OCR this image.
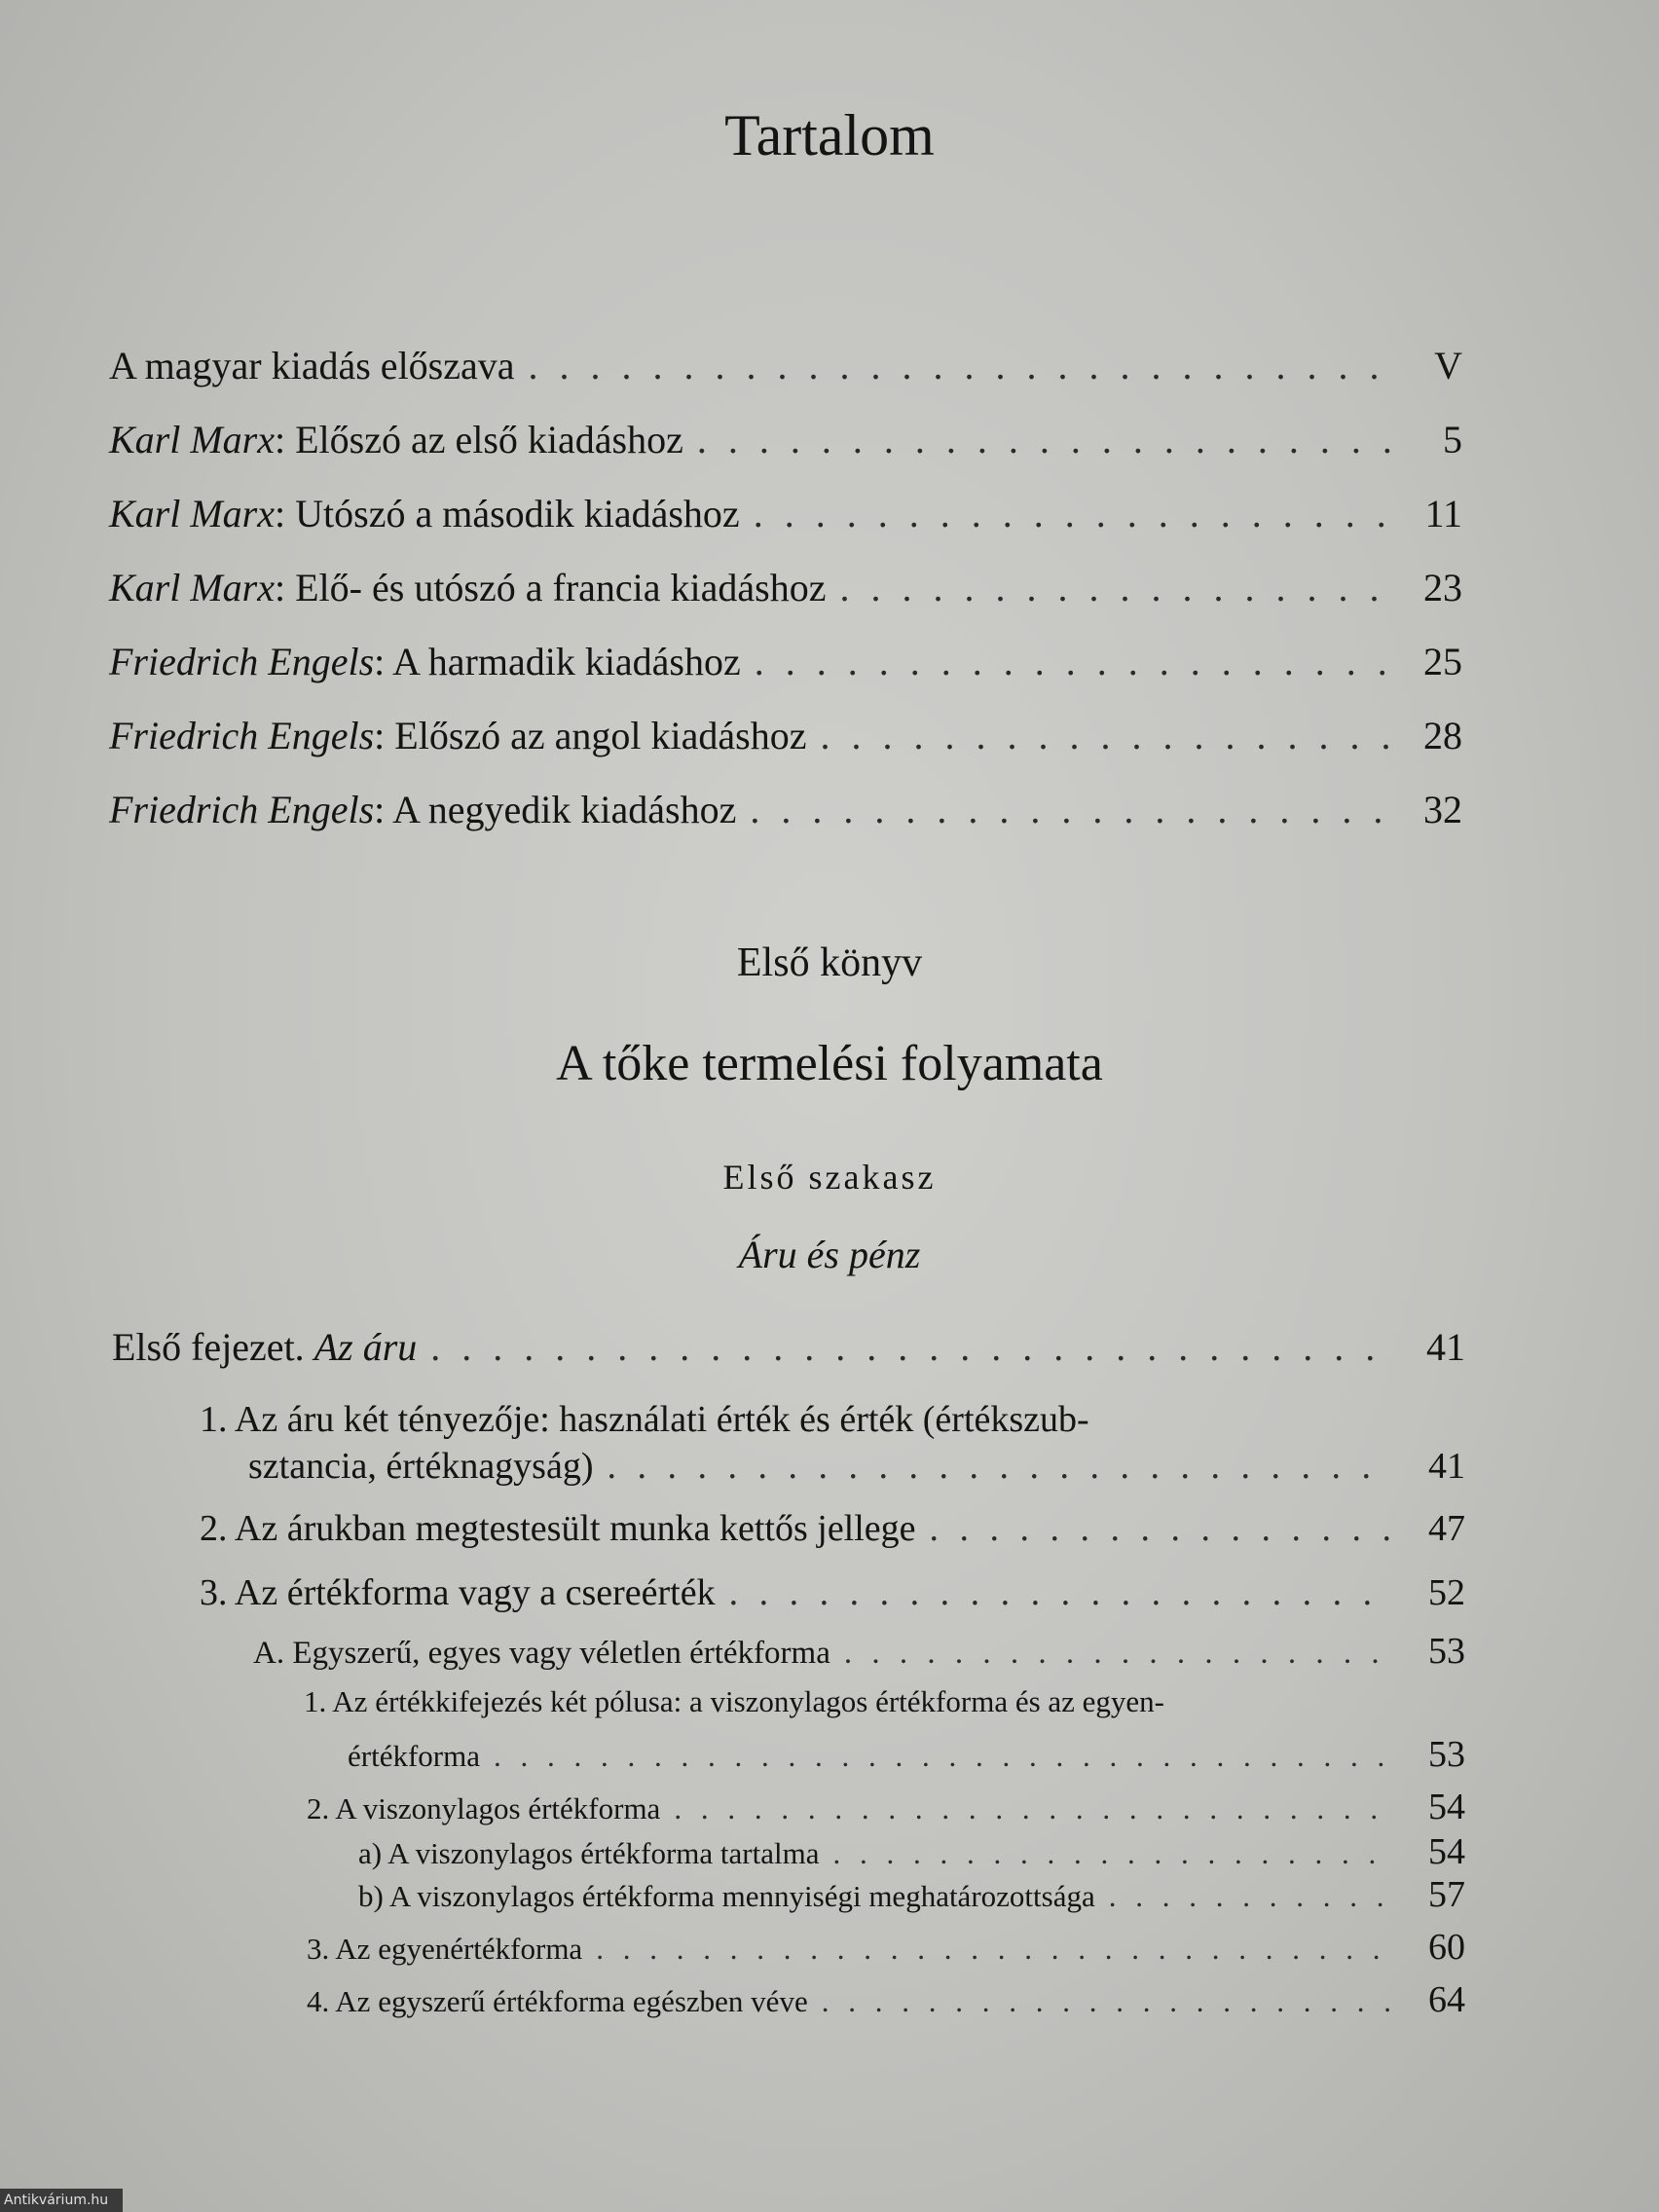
Tartalom
A magyar kiadás előszava . . .	V
Karl Marx: Előszó az első kiadáshoz . . .	5
Karl Marx: Utószó a második kiadáshoz . . .	11
Karl Marx: Elő- és utószó a francia kiadáshoz . . .	23
Friedrich Engels: A harmadik kiadáshoz . . .	25
Friedrich Engels: Előszó az angol kiadáshoz . . .	28
Friedrich Engels: A negyedik kiadáshoz . . .	32
Első könyv
A tőke termelési folyamata
Első szakasz
Áru és pénz
Első fejezet. Az áru . . .	41
1. Az áru két tényezője: használati érték és érték (értékszub-
sztancia, értéknagyság) . . .	41
2. Az árukban megtestesült munka kettős jellege . . .	47
3. Az értékforma vagy a csereérték . . .	52
A. Egyszerű, egyes vagy véletlen értékforma . . .	53
1. Az értékkifejezés két pólusa: a viszonylagos értékforma és az egyen-
értékforma . . .	53
2. A viszonylagos értékforma . . .	54
a) A viszonylagos értékforma tartalma . . .	54
b) A viszonylagos értékforma mennyiségi meghatározottsága . . .	57
3. Az egyenértékforma . . .	60
4. Az egyszerű értékforma egészben véve . . .	64
Antikvárium.hu
